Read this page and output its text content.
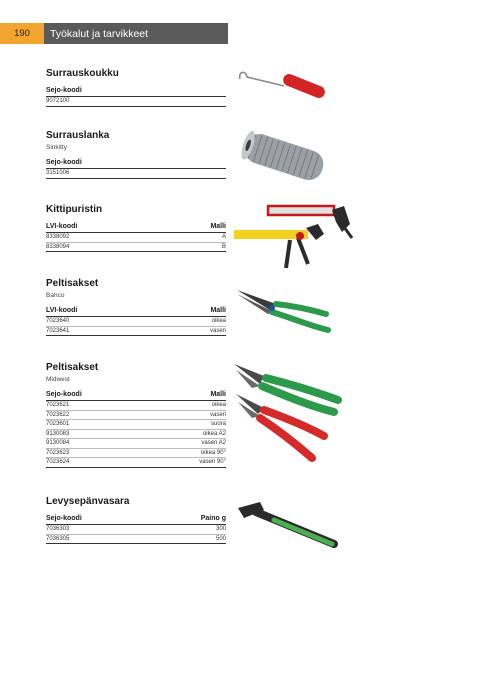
190	Työkalut ja tarvikkeet
Surrauskoukku
Sejo-koodi
9072100
Surrauslanka
Sinkitty
Sejo-koodi
3151006
Kittipuristin
LVI-koodi	Malli
8338092	A
8338094	B
Peltisakset
Bahco
LVI-koodi	Malli
7023640	oikea
7023641	vasen
Peltisakset
Midwest
Sejo-koodi	Malli
7023621	oikea
7023622	vasen
7023601	suora
9130083	oikea A2
9130084	vasen A2
7023623	oikea 90°
7023624	vasen 90°
Levysepänvasara
Sejo-koodi	Paino g
7036303	300
7036305	500
